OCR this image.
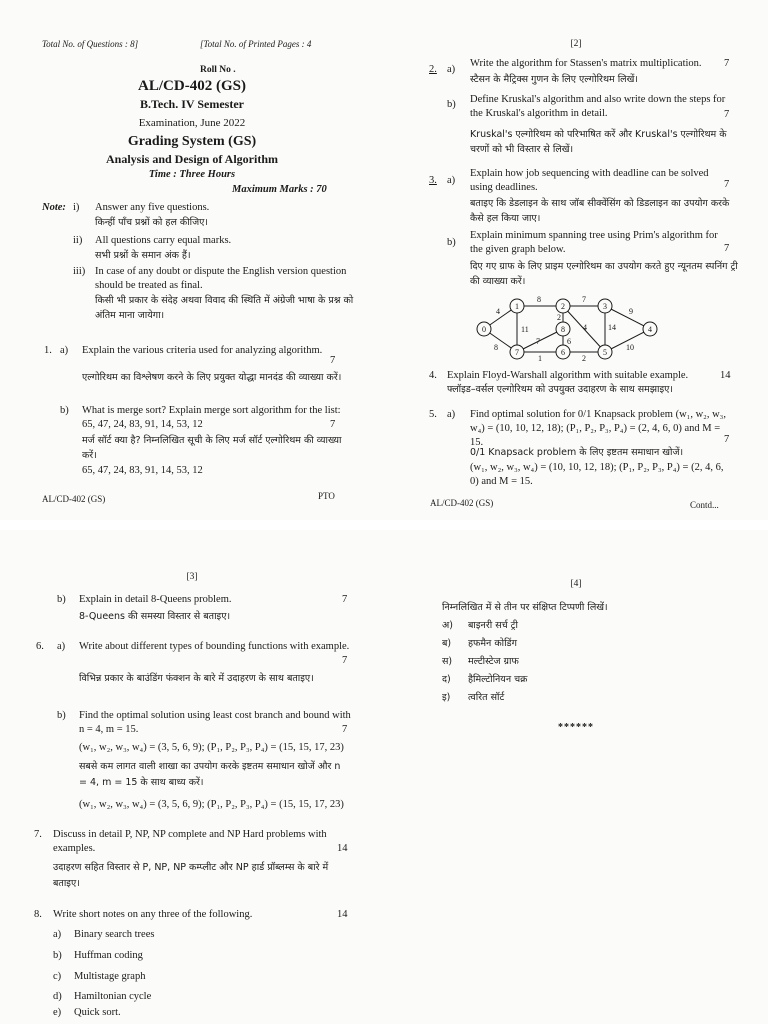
Total No. of Questions : 8]	[Total No. of Printed Pages : 4
Roll No .
AL/CD-402 (GS)
B.Tech. IV Semester
Examination, June 2022
Grading System (GS)
Analysis and Design of Algorithm
Time : Three Hours
Maximum Marks : 70
Note: i) Answer any five questions.
किन्हीं पाँच प्रश्नों को हल कीजिए।
ii) All questions carry equal marks.
सभी प्रश्नों के समान अंक हैं।
iii) In case of any doubt or dispute the English version question should be treated as final.
किसी भी प्रकार के संदेह अथवा विवाद की स्थिति में अंग्रेजी भाषा के प्रश्न को अंतिम माना जायेगा।
1. a) Explain the various criteria used for analyzing algorithm.
7
एल्गोरिथम का विश्लेषण करने के लिए प्रयुक्त योद्धा मानदंड की व्याख्या करें।
b) What is merge sort? Explain merge sort algorithm for the list: 65, 47, 24, 83, 91, 14, 53, 12	7
मर्ज सॉर्ट क्या है? निम्नलिखित सूची के लिए मर्ज सॉर्ट एल्गोरिथम की व्याख्या करें।
65, 47, 24, 83, 91, 14, 53, 12
AL/CD-402 (GS)	PTO
[2]
2. a)
Write the algorithm for Stassen's matrix multiplication.	7
स्टैसन के मैट्रिक्स गुणन के लिए एल्गोरिथम लिखें।
b) Define Kruskal's algorithm and also write down the steps for the Kruskal's algorithm in detail.	7
Kruskal's एल्गोरिथम को परिभाषित करें और Kruskal's एल्गोरिथम के चरणों को भी विस्तार से लिखें।
3. a)
Explain how job sequencing with deadline can be solved using deadlines.	7
बताइए कि डेडलाइन के साथ जॉब सीक्वेंसिंग को डिडलाइन का उपयोग करके कैसे हल किया जाए।
b)
Explain minimum spanning tree using Prim's algorithm for the given graph below.	7
दिए गए ग्राफ के लिए प्राइम एल्गोरिथम का उपयोग करते हुए न्यूनतम स्पनिंग ट्री की व्याख्या करें।
4
8
8	7
9
11
2
4	14
7	6
10
1	2
0
1	2	3
4
5
6
7
8
4. Explain Floyd-Warshall algorithm with suitable example.	14
फ्लॉइड–वर्सल एल्गोरिथम को उपयुक्त उदाहरण के साथ समझाइए।
5. a) Find optimal solution for 0/1 Knapsack problem (w₁, w₂, w₃, w₄) = (10, 10, 12, 18); (P₁, P₂, P₃, P₄) = (2, 4, 6, 0) and M = 15.	7
0/1 Knapsack problem के लिए इष्टतम समाधान खोजें।
(w₁, w₂, w₃, w₄) = (10, 10, 12, 18); (P₁, P₂, P₃, P₄) = (2, 4, 6, 0) and M = 15.
AL/CD-402 (GS)	Contd...
[3]
b) Explain in detail 8-Queens problem.	7
8-Queens की समस्या विस्तार से बताइए।
6. a) Write about different types of bounding functions with example.
7
विभिन्न प्रकार के बाउंडिंग फंक्शन के बारे में उदाहरण के साथ बताइए।
b) Find the optimal solution using least cost branch and bound with n = 4, m = 15.	7
(w₁, w₂, w₃, w₄) = (3, 5, 6, 9); (P₁, P₂, P₃, P₄) = (15, 15, 17, 23)
सबसे कम लागत वाली शाखा का उपयोग करके इष्टतम समाधान खोजें और n = 4, m = 15 के साथ बाध्य करें।
(w₁, w₂, w₃, w₄) = (3, 5, 6, 9); (P₁, P₂, P₃, P₄) = (15, 15, 17, 23)
7. Discuss in detail P, NP, NP complete and NP Hard problems with examples.	14
उदाहरण सहित विस्तार से P, NP, NP कम्प्लीट और NP हार्ड प्रॉब्लम्स के बारे में बताइए।
8. Write short notes on any three of the following.	14
a) Binary search trees
b) Huffman coding
c) Multistage graph
d) Hamiltonian cycle
e) Quick sort.
[4]
निम्नलिखित में से तीन पर संक्षिप्त टिप्पणी लिखें।
अ) बाइनरी सर्च ट्री
ब) हफमैन कोडिंग
स) मल्टीस्टेज ग्राफ
द) हैमिल्टोनियन चक्र
इ) त्वरित सॉर्ट
******
